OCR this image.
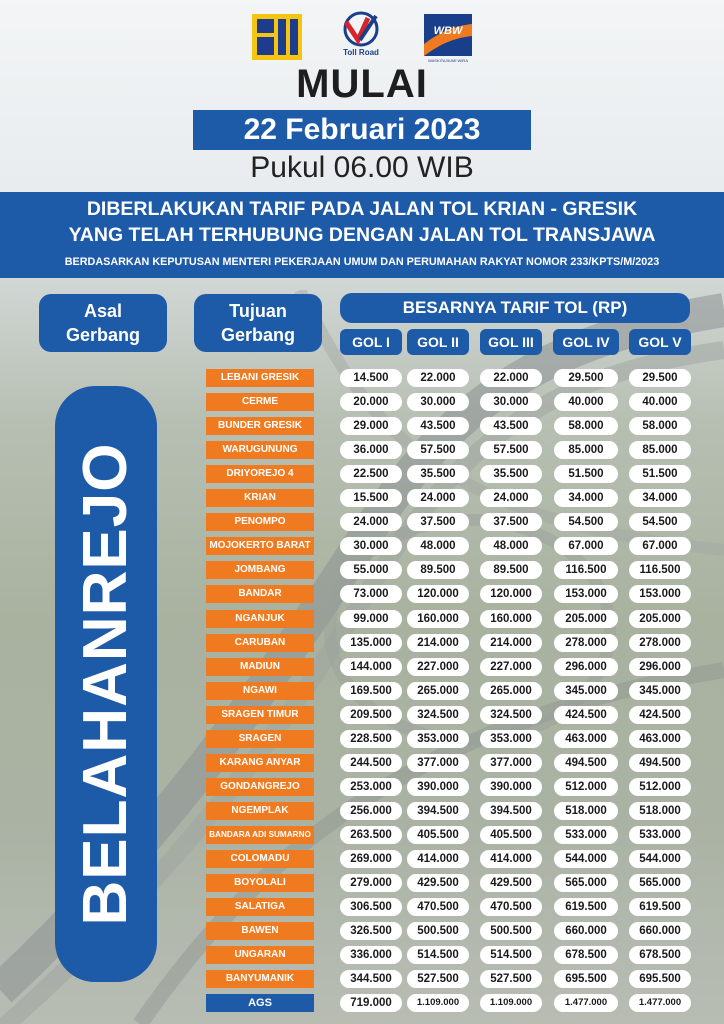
Toll Road
WBW
WASKITA BUMI WIRA
MULAI
22 Februari 2023
Pukul 06.00 WIB
DIBERLAKUKAN TARIF PADA JALAN TOL KRIAN - GRESIK
YANG TELAH TERHUBUNG DENGAN JALAN TOL TRANSJAWA
BERDASARKAN KEPUTUSAN MENTERI PEKERJAAN UMUM DAN PERUMAHAN RAKYAT NOMOR 233/KPTS/M/2023
Asal
Gerbang
Tujuan
Gerbang
BESARNYA TARIF TOL (RP)
GOL I	GOL II	GOL III	GOL IV	GOL V
BELAHANREJO
LEBANI GRESIK	14.500	22.000	22.000	29.500	29.500
CERME	20.000	30.000	30.000	40.000	40.000
BUNDER GRESIK	29.000	43.500	43.500	58.000	58.000
WARUGUNUNG	36.000	57.500	57.500	85.000	85.000
DRIYOREJO 4	22.500	35.500	35.500	51.500	51.500
KRIAN	15.500	24.000	24.000	34.000	34.000
PENOMPO	24.000	37.500	37.500	54.500	54.500
MOJOKERTO BARAT	30.000	48.000	48.000	67.000	67.000
JOMBANG	55.000	89.500	89.500	116.500	116.500
BANDAR	73.000	120.000	120.000	153.000	153.000
NGANJUK	99.000	160.000	160.000	205.000	205.000
CARUBAN	135.000	214.000	214.000	278.000	278.000
MADIUN	144.000	227.000	227.000	296.000	296.000
NGAWI	169.500	265.000	265.000	345.000	345.000
SRAGEN TIMUR	209.500	324.500	324.500	424.500	424.500
SRAGEN	228.500	353.000	353.000	463.000	463.000
KARANG ANYAR	244.500	377.000	377.000	494.500	494.500
GONDANGREJO	253.000	390.000	390.000	512.000	512.000
NGEMPLAK	256.000	394.500	394.500	518.000	518.000
BANDARA ADI SUMARNO	263.500	405.500	405.500	533.000	533.000
COLOMADU	269.000	414.000	414.000	544.000	544.000
BOYOLALI	279.000	429.500	429.500	565.000	565.000
SALATIGA	306.500	470.500	470.500	619.500	619.500
BAWEN	326.500	500.500	500.500	660.000	660.000
UNGARAN	336.000	514.500	514.500	678.500	678.500
BANYUMANIK	344.500	527.500	527.500	695.500	695.500
AGS	719.000	1.109.000	1.109.000	1.477.000	1.477.000
